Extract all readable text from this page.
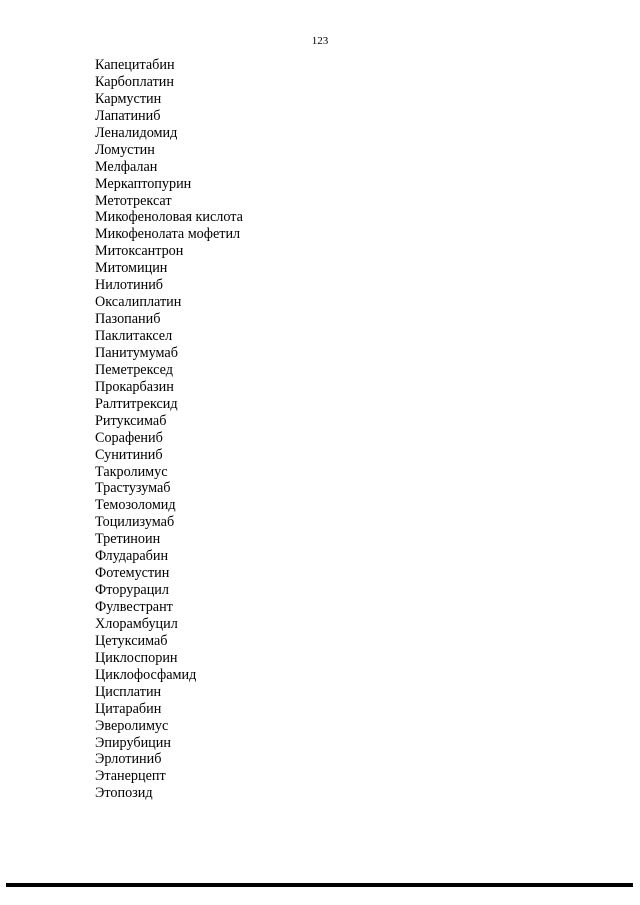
123
Капецитабин
Карбоплатин
Кармустин
Лапатиниб
Леналидомид
Ломустин
Мелфалан
Меркаптопурин
Метотрексат
Микофеноловая кислота
Микофенолата мофетил
Митоксантрон
Митомицин
Нилотиниб
Оксалиплатин
Пазопаниб
Паклитаксел
Панитумумаб
Пеметрексед
Прокарбазин
Ралтитрексид
Ритуксимаб
Сорафениб
Сунитиниб
Такролимус
Трастузумаб
Темозоломид
Тоцилизумаб
Третиноин
Флударабин
Фотемустин
Фторурацил
Фулвестрант
Хлорамбуцил
Цетуксимаб
Циклоспорин
Циклофосфамид
Цисплатин
Цитарабин
Эверолимус
Эпирубицин
Эрлотиниб
Этанерцепт
Этопозид
